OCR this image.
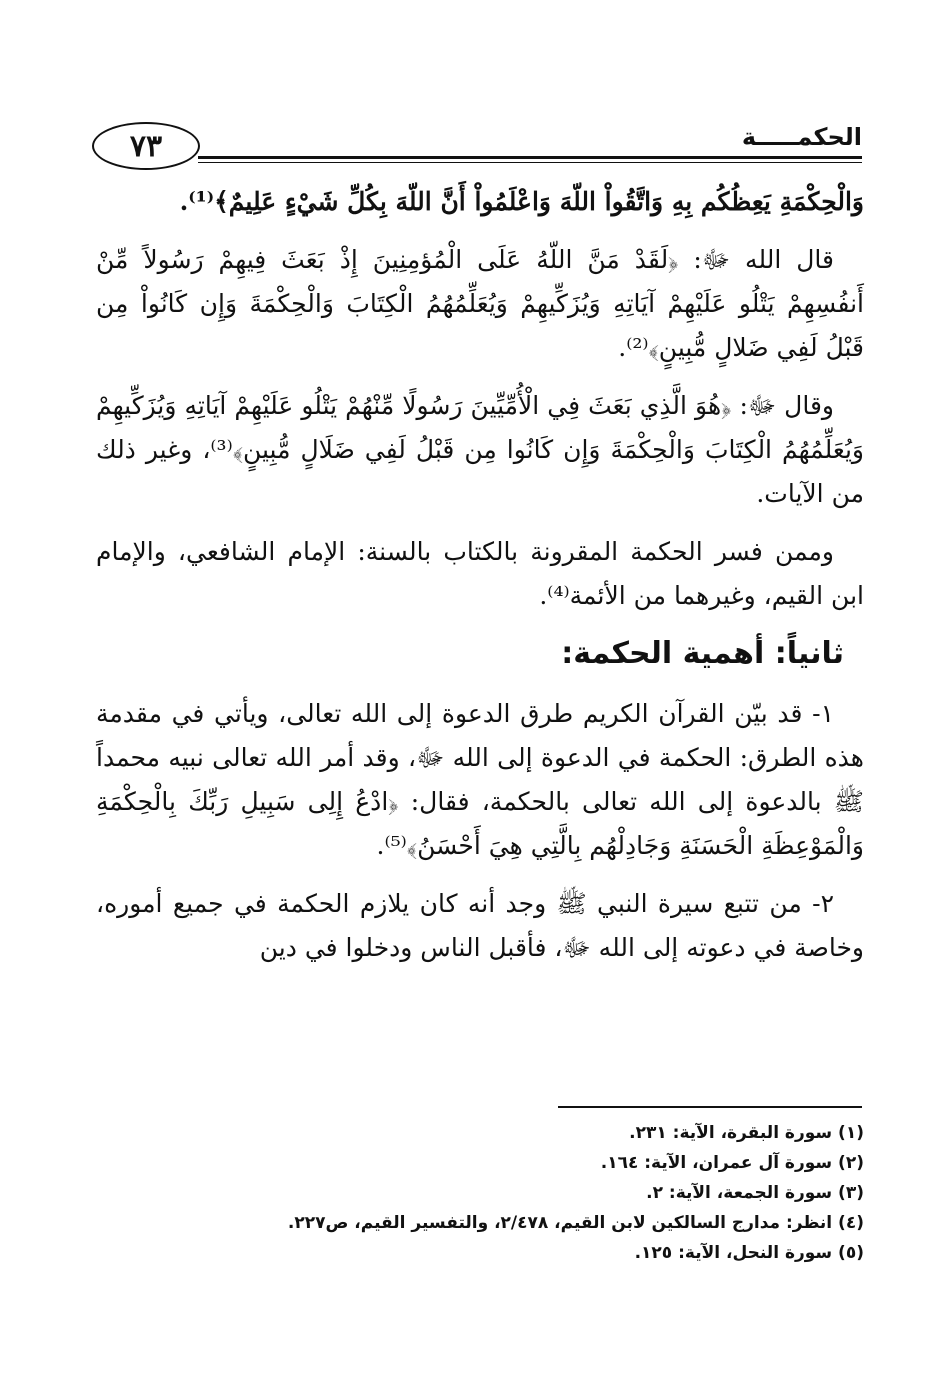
٧٣	الحكمـــــة

وَالْحِكْمَةِ يَعِظُكُم بِهِ وَاتَّقُواْ اللّهَ وَاعْلَمُواْ أَنَّ اللّهَ بِكُلِّ شَيْءٍ عَلِيمٌ﴾⁽¹⁾.

قال الله ﷻ: ﴿لَقَدْ مَنَّ اللّهُ عَلَى الْمُؤمِنِينَ إِذْ بَعَثَ فِيهِمْ رَسُولاً مِّنْ أَنفُسِهِمْ يَتْلُو عَلَيْهِمْ آيَاتِهِ وَيُزَكِّيهِمْ وَيُعَلِّمُهُمُ الْكِتَابَ وَالْحِكْمَةَ وَإِن كَانُواْ مِن قَبْلُ لَفِي ضَلالٍ مُّبِينٍ﴾⁽²⁾.

وقال ﷻ: ﴿هُوَ الَّذِي بَعَثَ فِي الْأُمِّيِّينَ رَسُولًا مِّنْهُمْ يَتْلُو عَلَيْهِمْ آيَاتِهِ وَيُزَكِّيهِمْ وَيُعَلِّمُهُمُ الْكِتَابَ وَالْحِكْمَةَ وَإِن كَانُوا مِن قَبْلُ لَفِي ضَلَالٍ مُّبِينٍ﴾⁽³⁾، وغير ذلك من الآيات.

وممن فسر الحكمة المقرونة بالكتاب بالسنة: الإمام الشافعي، والإمام ابن القيم، وغيرهما من الأئمة⁽⁴⁾.

ثانياً: أهمية الحكمة:

١- قد بيّن القرآن الكريم طرق الدعوة إلى الله تعالى، ويأتي في مقدمة هذه الطرق: الحكمة في الدعوة إلى الله ﷻ، وقد أمر الله تعالى نبيه محمداً ﷺ بالدعوة إلى الله تعالى بالحكمة، فقال: ﴿ادْعُ إِلِى سَبِيلِ رَبِّكَ بِالْحِكْمَةِ وَالْمَوْعِظَةِ الْحَسَنَةِ وَجَادِلْهُم بِالَّتِي هِيَ أَحْسَنُ﴾⁽⁵⁾.

٢- من تتبع سيرة النبي ﷺ وجد أنه كان يلازم الحكمة في جميع أموره، وخاصة في دعوته إلى الله ﷻ، فأقبل الناس ودخلوا في دين

(١) سورة البقرة، الآية: ٢٣١.

(٢) سورة آل عمران، الآية: ١٦٤.

(٣) سورة الجمعة، الآية: ٢.

(٤) انظر: مدارج السالكين لابن القيم، ٢/٤٧٨، والتفسير القيم، ص٢٢٧.

(٥) سورة النحل، الآية: ١٢٥.
